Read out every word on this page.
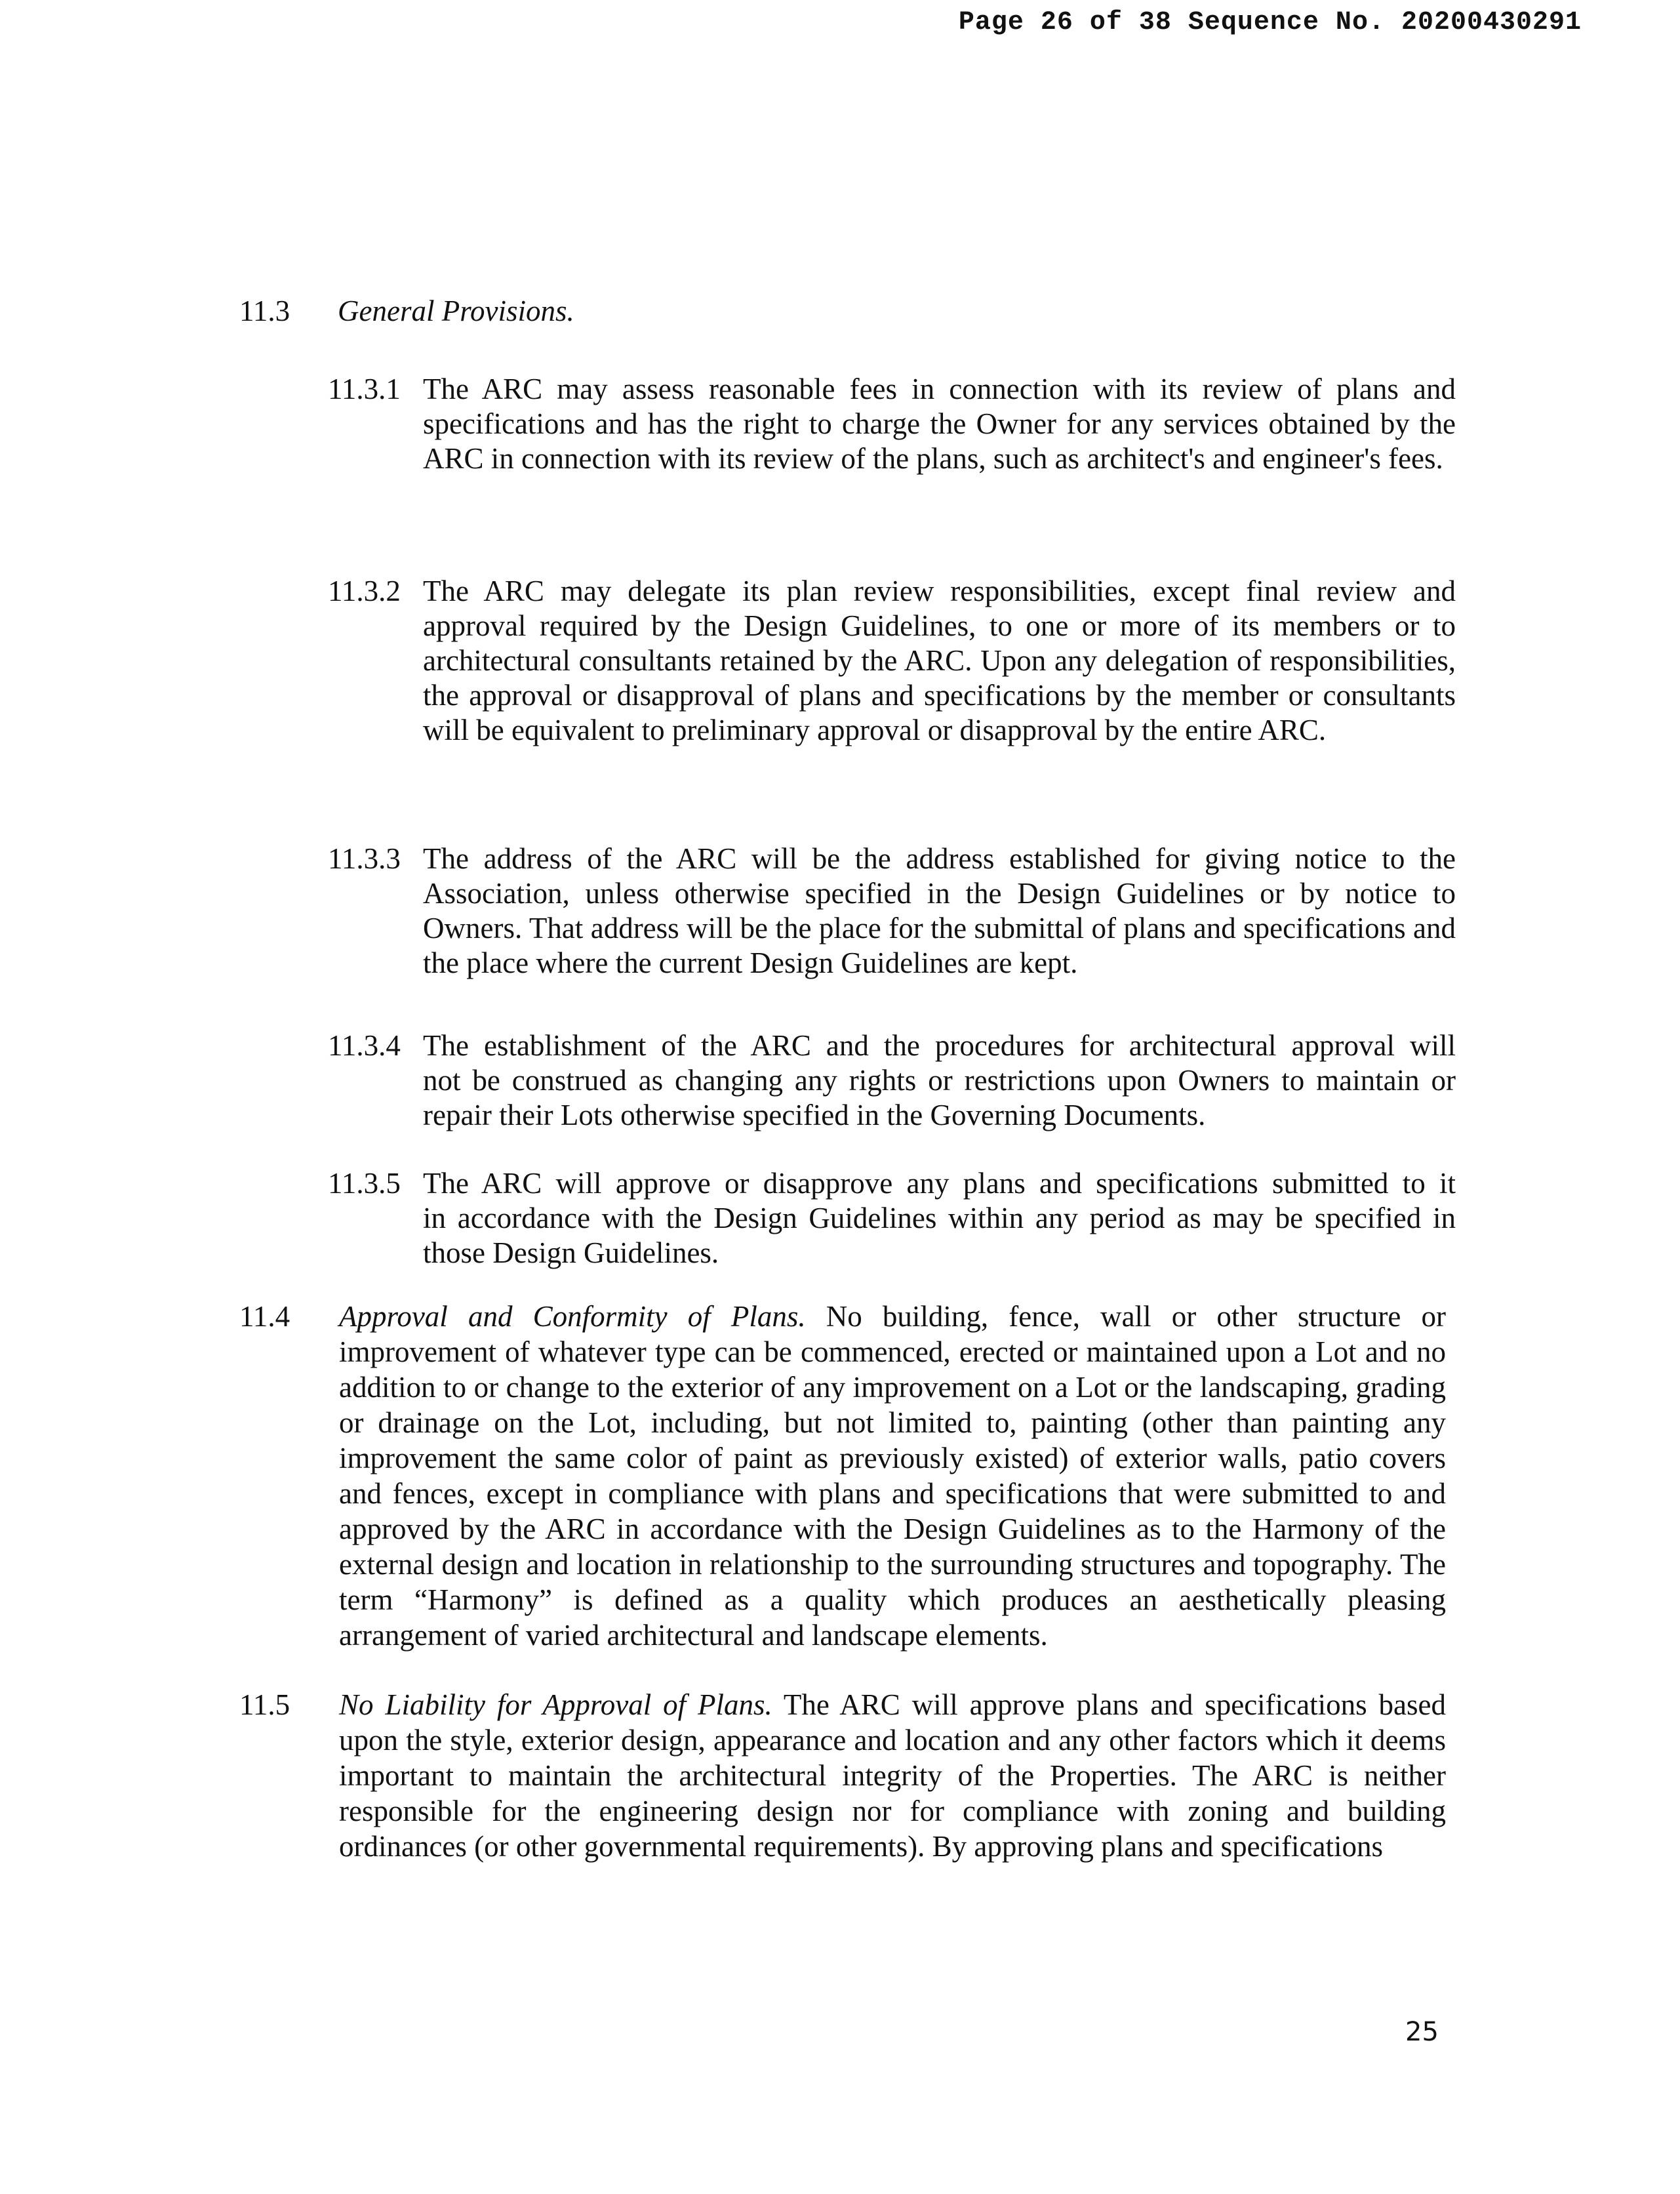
Page 26 of 38 Sequence No. 20200430291
11.3 General Provisions.
11.3.1 The ARC may assess reasonable fees in connection with its review of plans and
specifications and has the right to charge the Owner for any services obtained by the ARC in connection with its review of the plans, such as architect's and engineer's fees.
11.3.2 The ARC may delegate its plan review responsibilities, except final review and
approval required by the Design Guidelines, to one or more of its members or to architectural consultants retained by the ARC. Upon any delegation of responsibilities, the approval or disapproval of plans and specifications by the member or consultants will be equivalent to preliminary approval or disapproval by the entire ARC.
11.3.3 The address of the ARC will be the address established for giving notice to the
Association, unless otherwise specified in the Design Guidelines or by notice to Owners. That address will be the place for the submittal of plans and specifications and the place where the current Design Guidelines are kept.
11.3.4 The establishment of the ARC and the procedures for architectural approval will
not be construed as changing any rights or restrictions upon Owners to maintain or repair their Lots otherwise specified in the Governing Documents.
11.3.5 The ARC will approve or disapprove any plans and specifications submitted to it
in accordance with the Design Guidelines within any period as may be specified in those Design Guidelines.
11.4 Approval and Conformity of Plans. No building, fence, wall or other structure or improvement of whatever type can be commenced, erected or maintained upon a Lot and no addition to or change to the exterior of any improvement on a Lot or the landscaping, grading or drainage on the Lot, including, but not limited to, painting (other than painting any improvement the same color of paint as previously existed) of exterior walls, patio covers and fences, except in compliance with plans and specifications that were submitted to and approved by the ARC in accordance with the Design Guidelines as to the Harmony of the external design and location in relationship to the surrounding structures and topography. The term “Harmony” is defined as a quality which produces an aesthetically pleasing arrangement of varied architectural and landscape elements.
11.5 No Liability for Approval of Plans. The ARC will approve plans and specifications based upon the style, exterior design, appearance and location and any other factors which it deems important to maintain the architectural integrity of the Properties. The ARC is neither responsible for the engineering design nor for compliance with zoning and building ordinances (or other governmental requirements). By approving plans and specifications
25
